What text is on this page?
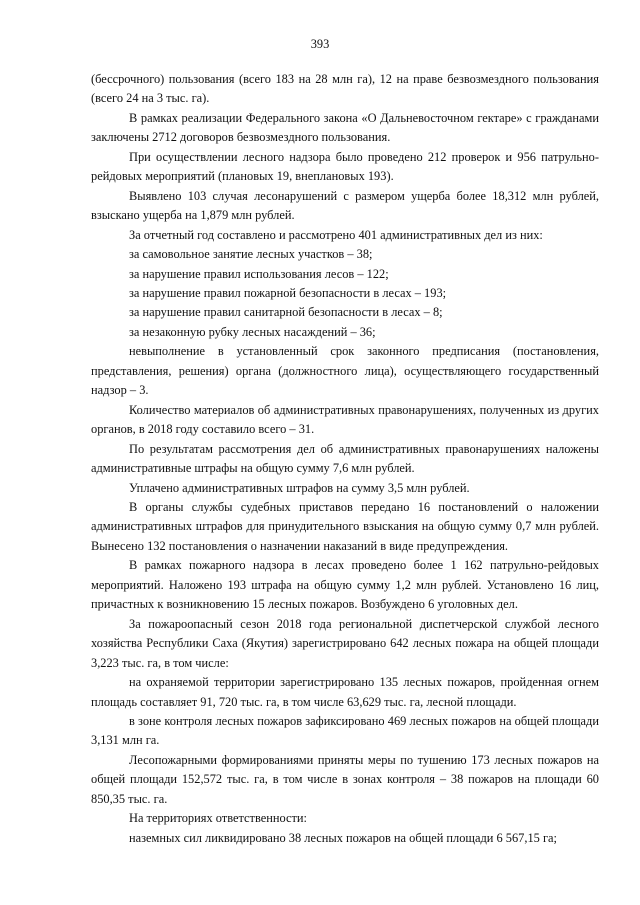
393

(бессрочного) пользования (всего 183 на 28 млн га), 12 на праве безвозмездного пользования (всего 24 на 3 тыс. га).

В рамках реализации Федерального закона «О Дальневосточном гектаре» с гражданами заключены 2712 договоров безвозмездного пользования.

При осуществлении лесного надзора было проведено 212 проверок и 956 патрульно-рейдовых мероприятий (плановых 19, внеплановых 193).

Выявлено 103 случая лесонарушений с размером ущерба более 18,312 млн рублей, взыскано ущерба на 1,879 млн рублей.

За отчетный год составлено и рассмотрено 401 административных дел из них:

за самовольное занятие лесных участков – 38;

за нарушение правил использования лесов – 122;

за нарушение правил пожарной безопасности в лесах – 193;

за нарушение правил санитарной безопасности в лесах – 8;

за незаконную рубку лесных насаждений – 36;

невыполнение в установленный срок законного предписания (постановления, представления, решения) органа (должностного лица), осуществляющего государственный надзор – 3.

Количество материалов об административных правонарушениях, полученных из других органов, в 2018 году составило всего – 31.

По результатам рассмотрения дел об административных правонарушениях наложены административные штрафы на общую сумму 7,6 млн рублей.

Уплачено административных штрафов на сумму 3,5 млн рублей.

В органы службы судебных приставов передано 16 постановлений о наложении административных штрафов для принудительного взыскания на общую сумму 0,7 млн рублей. Вынесено 132 постановления о назначении наказаний в виде предупреждения.

В рамках пожарного надзора в лесах проведено более 1 162 патрульно-рейдовых мероприятий. Наложено 193 штрафа на общую сумму 1,2 млн рублей. Установлено 16 лиц, причастных к возникновению 15 лесных пожаров. Возбуждено 6 уголовных дел.

За пожароопасный сезон 2018 года региональной диспетчерской службой лесного хозяйства Республики Саха (Якутия) зарегистрировано 642 лесных пожара на общей площади 3,223 тыс. га, в том числе:

на охраняемой территории зарегистрировано 135 лесных пожаров, пройденная огнем площадь составляет 91, 720 тыс. га, в том числе 63,629 тыс. га, лесной площади.

в зоне контроля лесных пожаров зафиксировано 469 лесных пожаров на общей площади 3,131 млн га.

Лесопожарными формированиями приняты меры по тушению 173 лесных пожаров на общей площади 152,572 тыс. га, в том числе в зонах контроля – 38 пожаров на площади 60 850,35 тыс. га.

На территориях ответственности:

наземных сил ликвидировано 38 лесных пожаров на общей площади 6 567,15 га;
